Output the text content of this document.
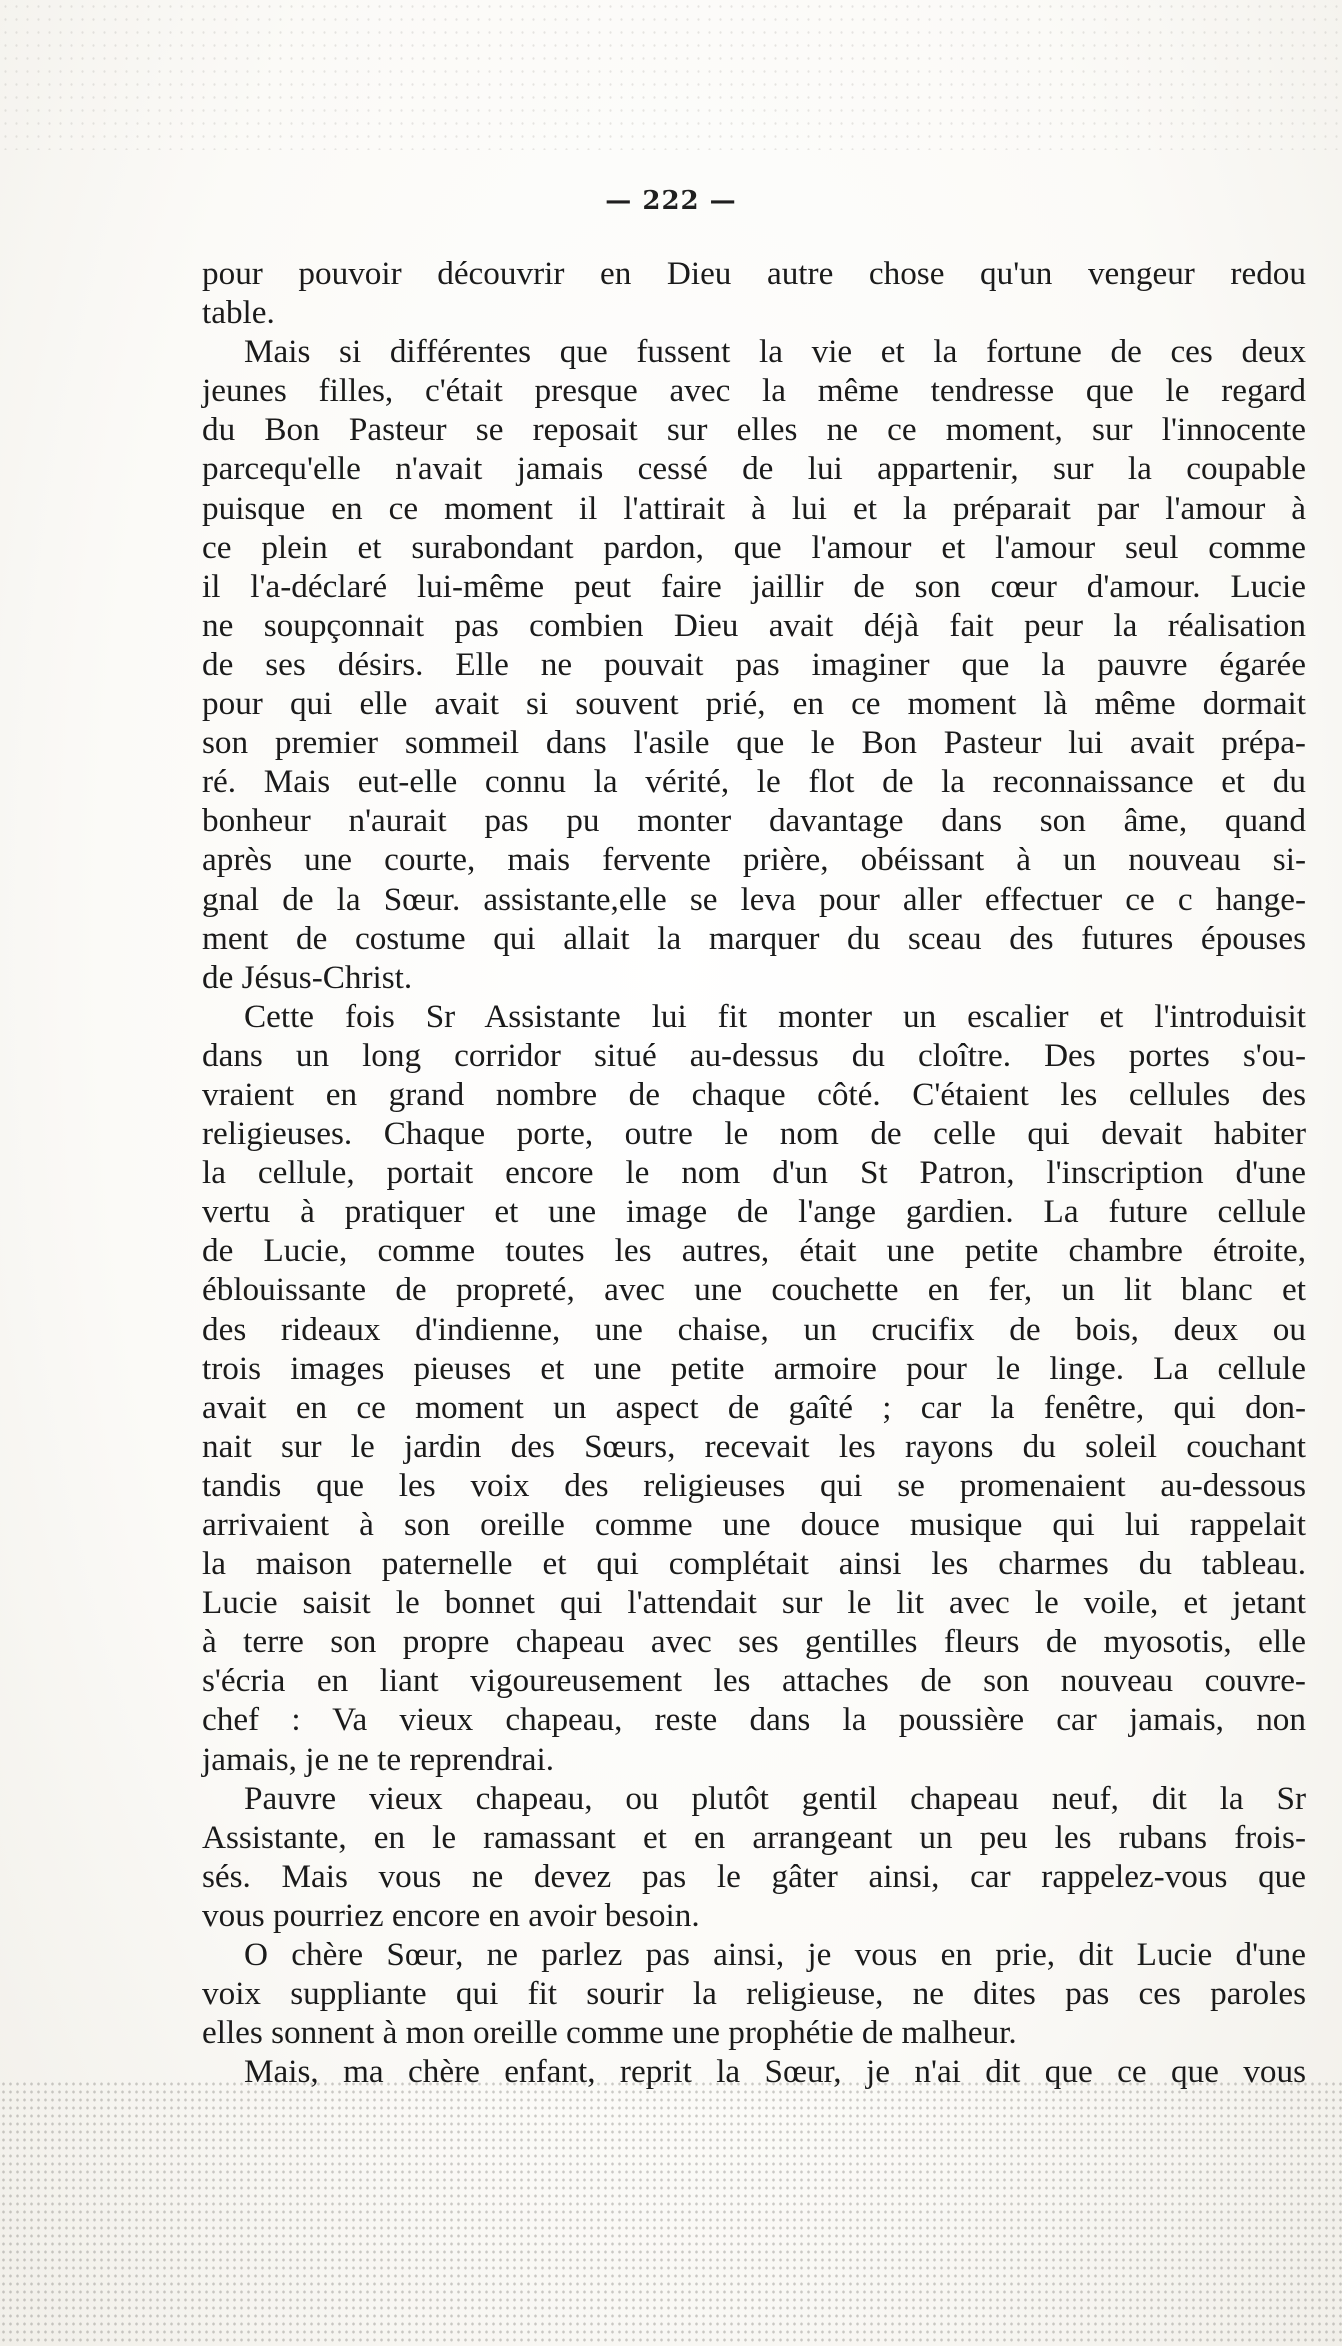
— 222 —
pour pouvoir découvrir en Dieu autre chose qu'un vengeur redou
table.
Mais si différentes que fussent la vie et la fortune de ces deux
jeunes filles, c'était presque avec la même tendresse que le regard
du Bon Pasteur se reposait sur elles ne ce moment, sur l'innocente
parcequ'elle n'avait jamais cessé de lui appartenir, sur la coupable
puisque en ce moment il l'attirait à lui et la préparait par l'amour à
ce plein et surabondant pardon, que l'amour et l'amour seul comme
il l'a-déclaré lui-même peut faire jaillir de son cœur d'amour. Lucie
ne soupçonnait pas combien Dieu avait déjà fait peur la réalisation
de ses désirs. Elle ne pouvait pas imaginer que la pauvre égarée
pour qui elle avait si souvent prié, en ce moment là même dormait
son premier sommeil dans l'asile que le Bon Pasteur lui avait prépa-
ré. Mais eut-elle connu la vérité, le flot de la reconnaissance et du
bonheur n'aurait pas pu monter davantage dans son âme, quand
après une courte, mais fervente prière, obéissant à un nouveau si-
gnal de la Sœur. assistante,elle se leva pour aller effectuer ce c hange-
ment de costume qui allait la marquer du sceau des futures épouses
de Jésus-Christ.
Cette fois Sr Assistante lui fit monter un escalier et l'introduisit
dans un long corridor situé au-dessus du cloître. Des portes s'ou-
vraient en grand nombre de chaque côté. C'étaient les cellules des
religieuses. Chaque porte, outre le nom de celle qui devait habiter
la cellule, portait encore le nom d'un St Patron, l'inscription d'une
vertu à pratiquer et une image de l'ange gardien. La future cellule
de Lucie, comme toutes les autres, était une petite chambre étroite,
éblouissante de propreté, avec une couchette en fer, un lit blanc et
des rideaux d'indienne, une chaise, un crucifix de bois, deux ou
trois images pieuses et une petite armoire pour le linge. La cellule
avait en ce moment un aspect de gaîté ; car la fenêtre, qui don-
nait sur le jardin des Sœurs, recevait les rayons du soleil couchant
tandis que les voix des religieuses qui se promenaient au-dessous
arrivaient à son oreille comme une douce musique qui lui rappelait
la maison paternelle et qui complétait ainsi les charmes du tableau.
Lucie saisit le bonnet qui l'attendait sur le lit avec le voile, et jetant
à terre son propre chapeau avec ses gentilles fleurs de myosotis, elle
s'écria en liant vigoureusement les attaches de son nouveau couvre-
chef : Va vieux chapeau, reste dans la poussière car jamais, non
jamais, je ne te reprendrai.
Pauvre vieux chapeau, ou plutôt gentil chapeau neuf, dit la Sr
Assistante, en le ramassant et en arrangeant un peu les rubans frois-
sés. Mais vous ne devez pas le gâter ainsi, car rappelez-vous que
vous pourriez encore en avoir besoin.
O chère Sœur, ne parlez pas ainsi, je vous en prie, dit Lucie d'une
voix suppliante qui fit sourir la religieuse, ne dites pas ces paroles
elles sonnent à mon oreille comme une prophétie de malheur.
Mais, ma chère enfant, reprit la Sœur, je n'ai dit que ce que vous
